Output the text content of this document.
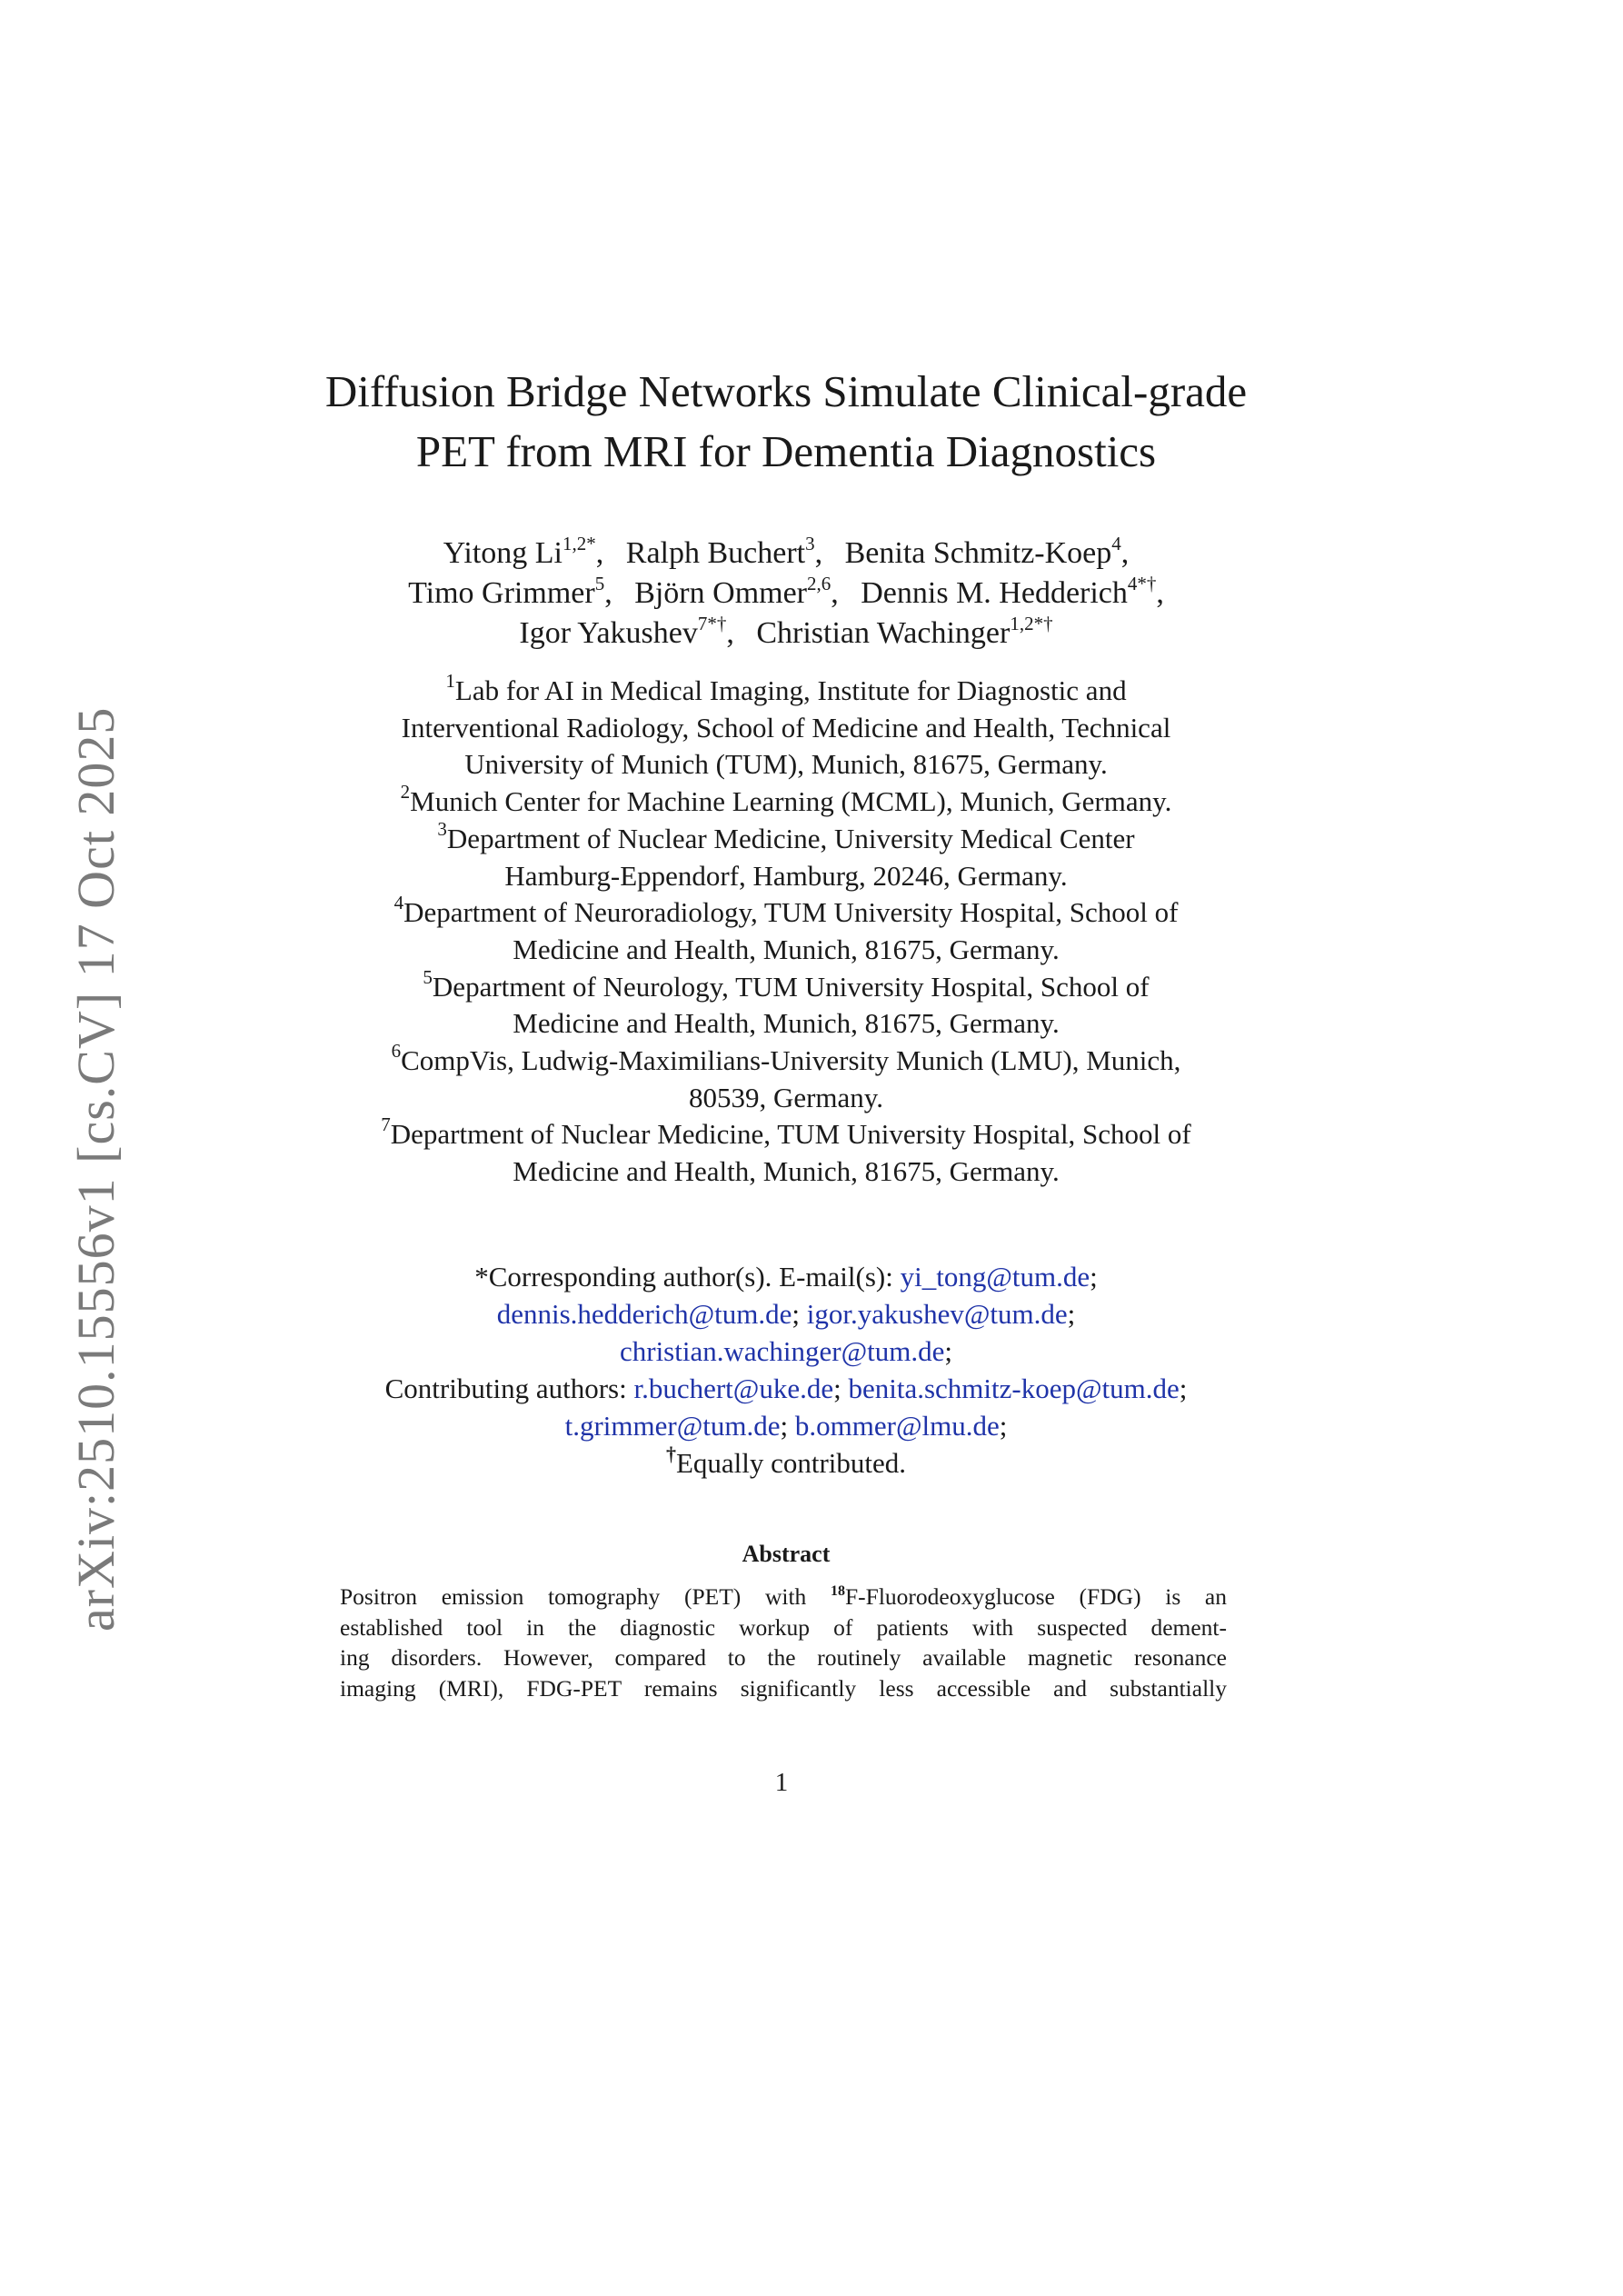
arXiv:2510.15556v1 [cs.CV] 17 Oct 2025
Diffusion Bridge Networks Simulate Clinical-grade
PET from MRI for Dementia Diagnostics
Yitong $Li^{1,2*}$, Ralph Buchert$^3$, Benita Schmitz-Koep$^4$,
Timo Grimmer$^5$, Björn Ommer$^{2,6}$, Dennis M. Hedderich$^{4*\dagger}$,
Igor Yakushev$^{7*\dagger}$, Christian Wachinger$^{1,2*\dagger}$
$^1$Lab for AI in Medical Imaging, Institute for Diagnostic and
Interventional Radiology, School of Medicine and Health, Technical
University of Munich (TUM), Munich, 81675, Germany.
$^2$Munich Center for Machine Learning (MCML), Munich, Germany.
$^3$Department of Nuclear Medicine, University Medical Center
Hamburg-Eppendorf, Hamburg, 20246, Germany.
$^4$Department of Neuroradiology, TUM University Hospital, School of
Medicine and Health, Munich, 81675, Germany.
$^5$Department of Neurology, TUM University Hospital, School of
Medicine and Health, Munich, 81675, Germany.
$^6$CompVis, Ludwig-Maximilians-University Munich (LMU), Munich,
80539, Germany.
$^7$Department of Nuclear Medicine, TUM University Hospital, School of
Medicine and Health, Munich, 81675, Germany.
*Corresponding author(s). E-mail(s): yi_tong@tum.de;
dennis.hedderich@tum.de; igor.yakushev@tum.de;
christian.wachinger@tum.de;
Contributing authors: r.buchert@uke.de; benita.schmitz-koep@tum.de;
t.grimmer@tum.de; b.ommer@lmu.de;
†Equally contributed.
Abstract
Positron emission tomography (PET) with $^{18}$F-Fluorodeoxyglucose (FDG) is an
established tool in the diagnostic workup of patients with suspected dement-
ing disorders. However, compared to the routinely available magnetic resonance
imaging (MRI), FDG-PET remains significantly less accessible and substantially
1
